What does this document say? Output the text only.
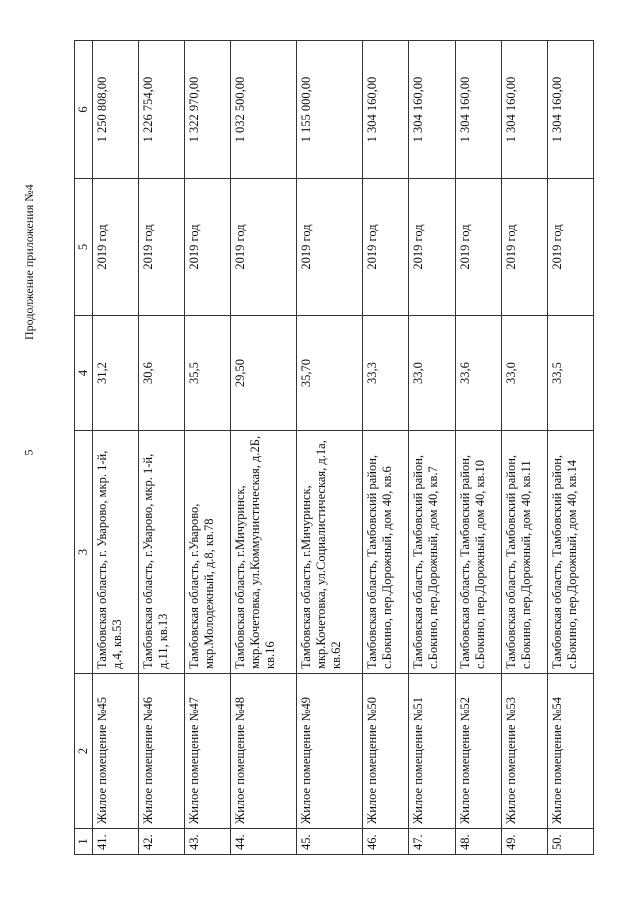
5
Продолжение приложения №4
1	2	3	4	5	6
41.	Жилое помещение №45	Тамбовская область, г. Уварово, мкр. 1-й, д.4, кв.53	31,2	2019 год	1 250 808,00
42.	Жилое помещение №46	Тамбовская область, г.Уварово, мкр. 1-й, д.11, кв.13	30,6	2019 год	1 226 754,00
43.	Жилое помещение №47	Тамбовская область, г.Уварово, мкр.Молодежный, д.8, кв.78	35,5	2019 год	1 322 970,00
44.	Жилое помещение №48	Тамбовская область, г.Мичуринск, мкр.Кочетовка, ул.Коммунистическая, д.2Б, кв.16	29,50	2019 год	1 032 500,00
45.	Жилое помещение №49	Тамбовская область, г.Мичуринск, мкр.Кочетовка, ул.Социалистическая, д.1а, кв.62	35,70	2019 год	1 155 000,00
46.	Жилое помещение №50	Тамбовская область, Тамбовский район, с.Бокино, пер.Дорожный, дом 40, кв.6	33,3	2019 год	1 304 160,00
47.	Жилое помещение №51	Тамбовская область, Тамбовский район, с.Бокино, пер.Дорожный, дом 40, кв.7	33,0	2019 год	1 304 160,00
48.	Жилое помещение №52	Тамбовская область, Тамбовский район, с.Бокино, пер.Дорожный, дом 40, кв.10	33,6	2019 год	1 304 160,00
49.	Жилое помещение №53	Тамбовская область, Тамбовский район, с.Бокино, пер.Дорожный, дом 40, кв.11	33,0	2019 год	1 304 160,00
50.	Жилое помещение №54	Тамбовская область, Тамбовский район, с.Бокино, пер.Дорожный, дом 40, кв.14	33,5	2019 год	1 304 160,00
